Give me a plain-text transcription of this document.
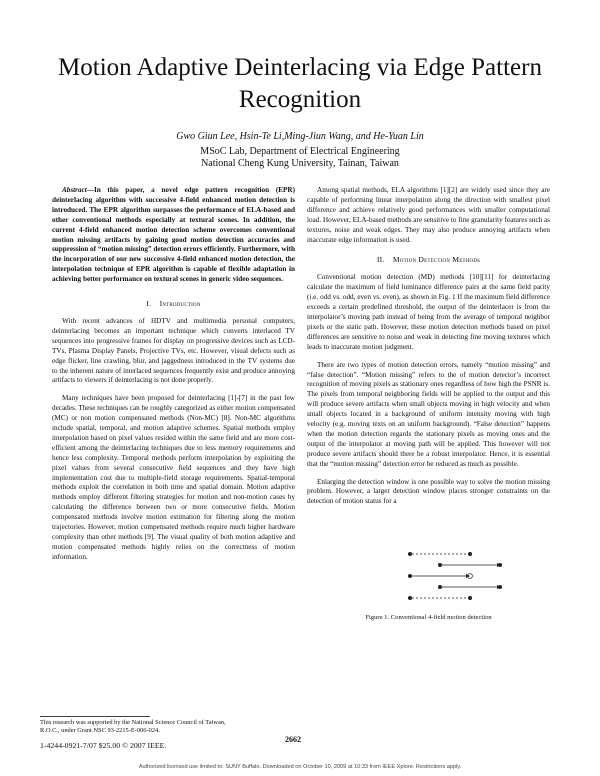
Motion Adaptive Deinterlacing via Edge Pattern Recognition
Gwo Giun Lee, Hsin-Te Li,Ming-Jiun Wang, and He-Yuan Lin
MSoC Lab, Department of Electrical Engineering
National Cheng Kung University, Tainan, Taiwan

Abstract—In this paper, a novel edge pattern recognition (EPR) deinterlacing algorithm with successive 4-field enhanced motion detection is introduced. The EPR algorithm surpasses the performance of ELA-based and other conventional methods especially at textural scenes. In addition, the current 4-field enhanced motion detection scheme overcomes conventional motion missing artifacts by gaining good motion detection accuracies and suppression of “motion missing” detection errors efficiently. Furthermore, with the incorporation of our new successive 4-field enhanced motion detection, the interpolation technique of EPR algorithm is capable of flexible adaptation in achieving better performance on textural scenes in generic video sequences.

I. Introduction

With recent advances of HDTV and multimedia personal computers, deinterlacing becomes an important technique which converts interlaced TV sequences into progressive frames for display on progressive devices such as LCD-TVs, Plasma Display Panels, Projective TVs, etc. However, visual defects such as edge flicker, line crawling, blur, and jaggedness introduced in the TV systems due to the inherent nature of interlaced sequences frequently exist and produce annoying artifacts to viewers if deinterlacing is not done properly.

Many techniques have been proposed for deinterlacing [1]-[7] in the past few decades. These techniques can be roughly categorized as either motion compensated (MC) or non motion compensated methods (Non-MC) [8]. Non-MC algorithms include spatial, temporal, and motion adaptive schemes. Spatial methods employ interpolation based on pixel values resided within the same field and are more cost-efficient among the deinterlacing techniques due to less memory requirements and hence less complexity. Temporal methods perform interpolation by exploiting the pixel values from several consecutive field sequences and they have high implementation cost due to multiple-field storage requirements. Spatial-temporal methods exploit the correlation in both time and spatial domain. Motion adaptive methods employ different filtering strategies for motion and non-motion cases by calculating the difference between two or more consecutive fields. Motion compensated methods involve motion estimation for filtering along the motion trajectories. However, motion compensated methods require much higher hardware complexity than other methods [9]. The visual quality of both motion adaptive and motion compensated methods highly relies on the correctness of motion information.

Among spatial methods, ELA algorithms [1][2] are widely used since they are capable of performing linear interpolation along the direction with smallest pixel difference and achieve relatively good performances with smaller computational load. However, ELA-based methods are sensitive to fine granularity features such as textures, noise and weak edges. They may also produce annoying artifacts when inaccurate edge information is used.

II. Motion Detection Methods

Conventional motion detection (MD) methods [10][11] for deinterlacing calculate the maximum of field luminance difference pairs at the same field parity (i.e. odd vs. odd, even vs. even), as shown in Fig. 1 If the maximum field difference exceeds a certain predefined threshold, the output of the deinterlacer is from the interpolator’s moving path instead of being from the average of temporal neighbor pixels or the static path. However, these motion detection methods based on pixel differences are sensitive to noise and weak in detecting fine moving textures which leads to inaccurate motion judgment.

There are two types of motion detection errors, namely “motion missing” and “false detection”. “Motion missing” refers to the of motion detector’s incorrect recognition of moving pixels as stationary ones regardless of how high the PSNR is. The pixels from temporal neighboring fields will be applied to the output and this will produce severe artifacts when small objects moving in high velocity and when small objects located in a background of uniform intensity moving with high velocity (e.g. moving texts on an uniform background). “False detection” happens when the motion detection regards the stationary pixels as moving ones and the output of the interpolator at moving path will be applied. This however will not produce severe artifacts should there be a robust interpolator. Hence, it is essential that the “motion missing” detection error be reduced as much as possible.

Enlarging the detection window is one possible way to solve the motion missing problem. However, a larger detection window places stronger constraints on the detection of motion status for a

Figure 1. Conventional 4-field motion detection
This research was supported by the National Science Council of Taiwan,
R.O.C., under Grant NSC 93-2215-E-006-024.
1-4244-0921-7/07 $25.00 © 2007 IEEE.
2662
Authorized licensed use limited to: SUNY Buffalo. Downloaded on October 10, 2009 at 10:33 from IEEE Xplore. Restrictions apply.
